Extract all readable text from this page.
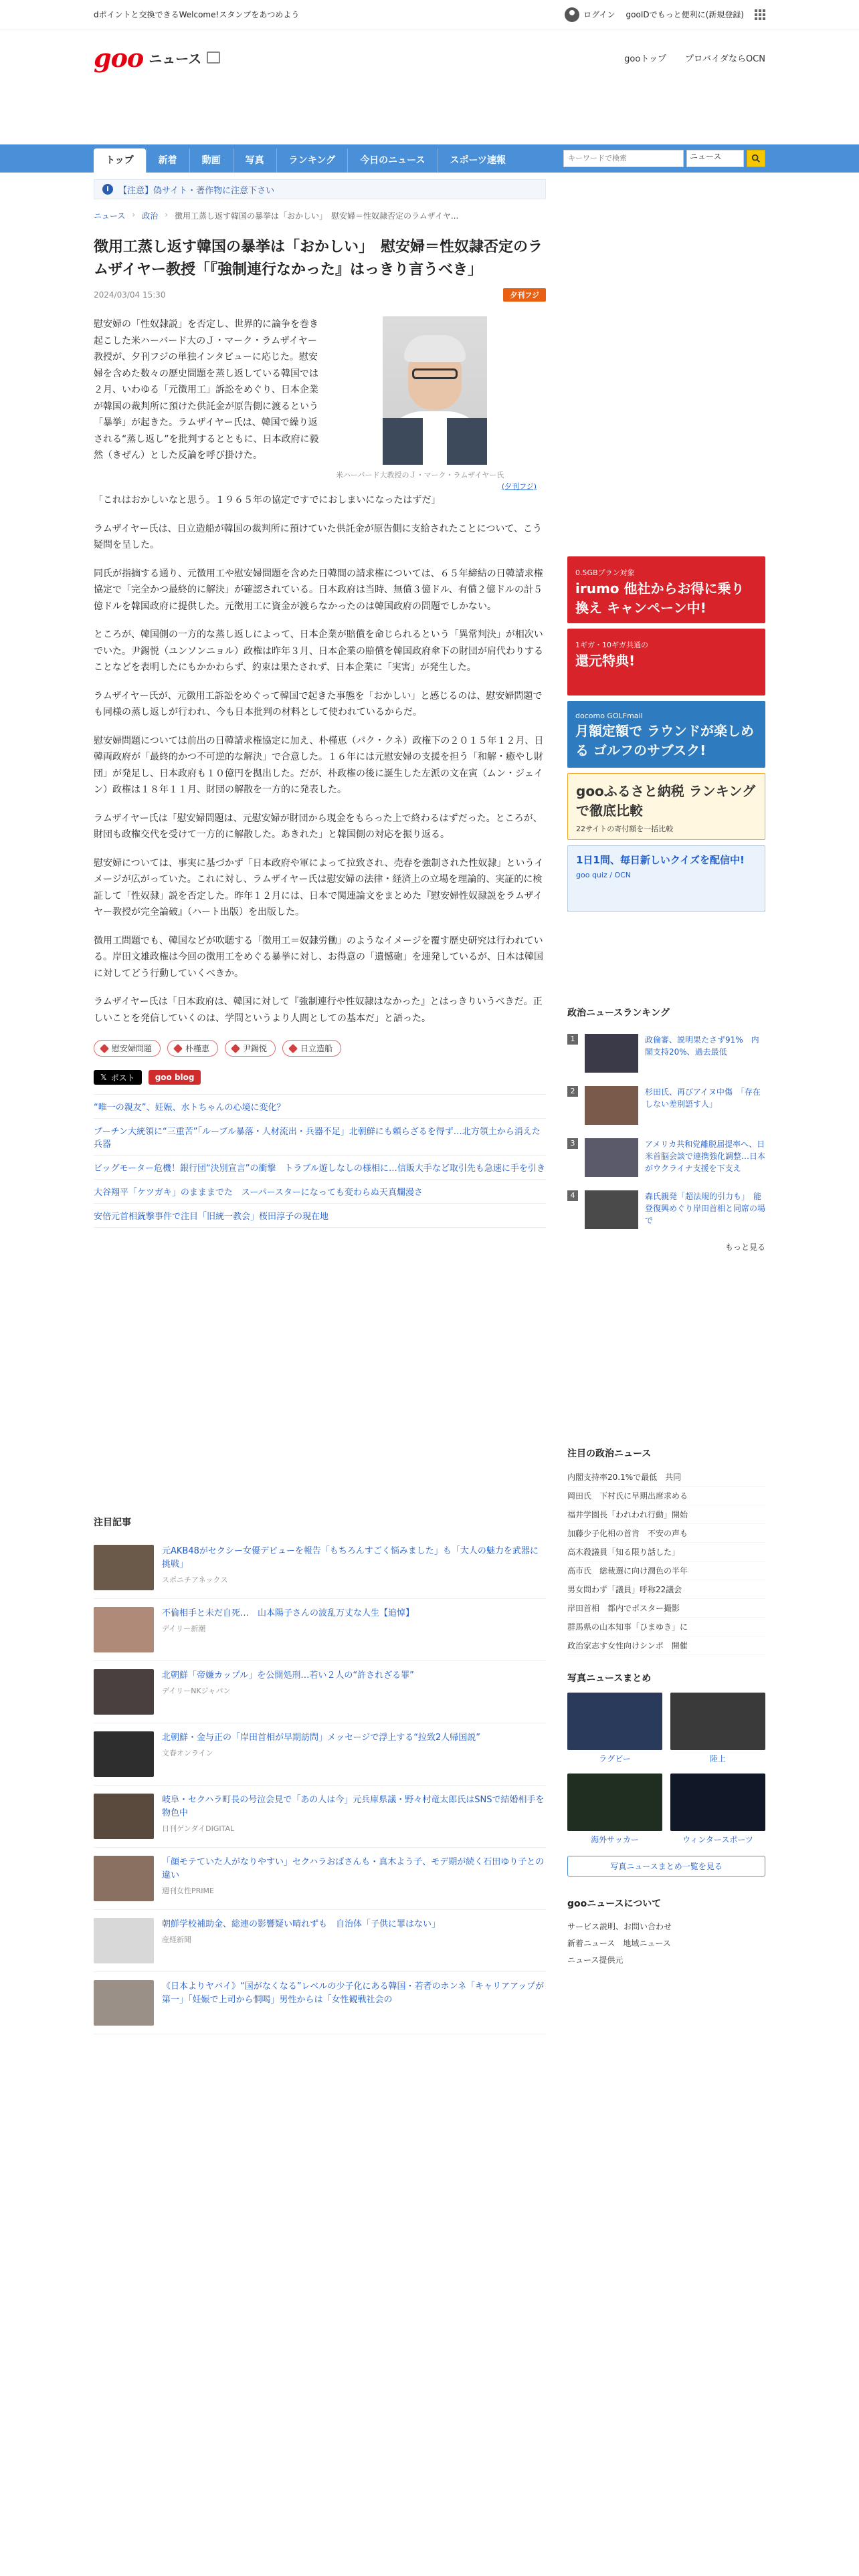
dポイントと交換できるWelcome!スタンプをあつめよう	ログイン gooIDでもっと便利に(新規登録)
goo ニュース	gooトップ プロバイダならOCN
トップ	新着	動画	写真	ランキング	今日のニュース	スポーツ速報
キーワードで検索	ニュース
i	【注意】偽サイト・著作物に注意下さい
ニュース › 政治 › 徴用工蒸し返す韓国の暴挙は「おかしい」　慰安婦＝性奴隷否定のラムザイヤ...
徴用工蒸し返す韓国の暴挙は「おかしい」　慰安婦＝性奴隷否定のラムザイヤー教授「『強制連行なかった』はっきり言うべき」
2024/03/04 15:30	夕刊フジ

慰安婦の「性奴隷説」を否定し、世界的に論争を巻き起こした米ハーバード大のＪ・マーク・ラムザイヤー教授が、夕刊フジの単独インタビューに応じた。慰安婦を含めた数々の歴史問題を蒸し返している韓国では２月、いわゆる「元徴用工」訴訟をめぐり、日本企業が韓国の裁判所に預けた供託金が原告側に渡るという「暴挙」が起きた。ラムザイヤー氏は、韓国で繰り返される“蒸し返し”を批判するとともに、日本政府に毅然（きぜん）とした反論を呼び掛けた。

米ハーバード大教授のＪ・マーク・ラムザイヤー氏
(夕刊フジ)

「これはおかしいなと思う。１９６５年の協定ですでにおしまいになったはずだ」

ラムザイヤー氏は、日立造船が韓国の裁判所に預けていた供託金が原告側に支給されたことについて、こう疑問を呈した。

同氏が指摘する通り、元徴用工や慰安婦問題を含めた日韓間の請求権については、６５年締結の日韓請求権協定で「完全かつ最終的に解決」が確認されている。日本政府は当時、無償３億ドル、有償２億ドルの計５億ドルを韓国政府に提供した。元徴用工に資金が渡らなかったのは韓国政府の問題でしかない。

ところが、韓国側の一方的な蒸し返しによって、日本企業が賠償を命じられるという「異常判決」が相次いでいた。尹錫悦（ユンソンニョル）政権は昨年３月、日本企業の賠償を韓国政府傘下の財団が肩代わりすることなどを表明したにもかかわらず、約束は果たされず、日本企業に「実害」が発生した。

ラムザイヤー氏が、元徴用工訴訟をめぐって韓国で起きた事態を「おかしい」と感じるのは、慰安婦問題でも同様の蒸し返しが行われ、今も日本批判の材料として使われているからだ。

慰安婦問題については前出の日韓請求権協定に加え、朴槿恵（パク・クネ）政権下の２０１５年１２月、日韓両政府が「最終的かつ不可逆的な解決」で合意した。１６年には元慰安婦の支援を担う「和解・癒やし財団」が発足し、日本政府も１０億円を拠出した。だが、朴政権の後に誕生した左派の文在寅（ムン・ジェイン）政権は１８年１１月、財団の解散を一方的に発表した。

ラムザイヤー氏は「慰安婦問題は、元慰安婦が財団から現金をもらった上で終わるはずだった。ところが、財団も政権交代を受けて一方的に解散した。あきれた」と韓国側の対応を振り返る。

慰安婦については、事実に基づかず「日本政府や軍によって拉致され、売春を強制された性奴隷」というイメージが広がっていた。これに対し、ラムザイヤー氏は慰安婦の法律・経済上の立場を理論的、実証的に検証して「性奴隷」説を否定した。昨年１２月には、日本で関連論文をまとめた『慰安婦性奴隷説をラムザイヤー教授が完全論破』（ハート出版）を出版した。

徴用工問題でも、韓国などが吹聴する「徴用工＝奴隷労働」のようなイメージを覆す歴史研究は行われている。岸田文雄政権は今回の徴用工をめぐる暴挙に対し、お得意の「遺憾砲」を連発しているが、日本は韓国に対してどう行動していくべきか。

ラムザイヤー氏は「日本政府は、韓国に対して『強制連行や性奴隷はなかった』とはっきりいうべきだ。正しいことを発信していくのは、学問というより人間としての基本だ」と語った。

慰安婦問題	朴槿恵	尹錫悦	日立造船
𝕏 ポスト	goo blog
“唯一の親友”、妊娠、水トちゃんの心境に変化？
プーチン大統領に“三重苦”「ルーブル暴落・人材流出・兵器不足」北朝鮮にも頼らざるを得ず…北方領土から消えた兵器
ビッグモーター危機！銀行団“決別宣言”の衝撃　トラブル遊しなしの様相に…信販大手など取引先も急速に手を引き
大谷翔平「ケツガキ」のまままでた　スーパースターになっても変わらぬ天真爛漫さ
安倍元首相銃撃事件で注目「旧統一教会」桜田淳子の現在地
注目記事
元AKB48がセクシー女優デビューを報告「もちろんすごく悩みました」も「大人の魅力を武器に挑戦」
スポニチアネックス
不倫相手と未だ自死…　山本陽子さんの波乱万丈な人生【追悼】
デイリー新潮
北朝鮮「帝嫌カップル」を公開処刑…若い２人の“許されざる罪”
デイリーNKジャパン
北朝鮮・金与正の「岸田首相が早期訪問」メッセージで浮上する“拉致2人帰国説”
文春オンライン
岐阜・セクハラ町長の号泣会見で「あの人は今」元兵庫県議・野々村竜太郎氏はSNSで結婚相手を物色中
日刊ゲンダイDIGITAL
「顔モテていた人がなりやすい」セクハラおばさんも・真木よう子、モデ期が続く石田ゆり子との違い
週刊女性PRIME
朝鮮学校補助金、総連の影響疑い晴れずも　自治体「子供に罪はない」
産経新聞
《日本よりヤバイ》“国がなくなる”レベルの少子化にある韓国・若者のホンネ「キャリアアップが第一」「妊娠で上司から恫喝」男性からは「女性観戦社会の
0.5GBプラン対象
irumo 他社からお得に乗り換え キャンペーン中!
1ギガ・10ギガ共通の
還元特典!
docomo GOLFmail
月額定額で ラウンドが楽しめる ゴルフのサブスク!
gooふるさと納税 ランキングで徹底比較
22サイトの寄付額を一括比較
1日1問、毎日新しいクイズを配信中!
goo quiz / OCN
政治ニュースランキング
1	政倫審、説明果たさず91%　内閣支持20%、過去最低
2	杉田氏、再びアイヌ中傷　「存在しない差別語す人」
3	アメリカ共和党離脱届提率へ、日米首脳会談で連携強化調整…日本がウクライナ支援を下支え
4	森氏親発「超法規的引力も」　能登復興めぐり岸田首相と同席の場で
もっと見る
注目の政治ニュース
内閣支持率20.1%で最低　共同
岡田氏　下村氏に早期出席求める
福井学園長「われわれ行動」開始
加藤少子化相の首肯　不安の声も
高木殺議員「知る限り話した」
高市氏　総裁選に向け潤色の半年
男女問わず「議員」呼称22議会
岸田首相　都内でポスター撮影
群馬県の山本知事「ひまゆき」に
政治家志す女性向けシンポ　開催
写真ニュースまとめ
ラグビー	陸上
海外サッカー	ウィンタースポーツ
写真ニュースまとめ一覧を見る
gooニュースについて
サービス説明、お問い合わせ
新着ニュース　地域ニュース
ニュース提供元
